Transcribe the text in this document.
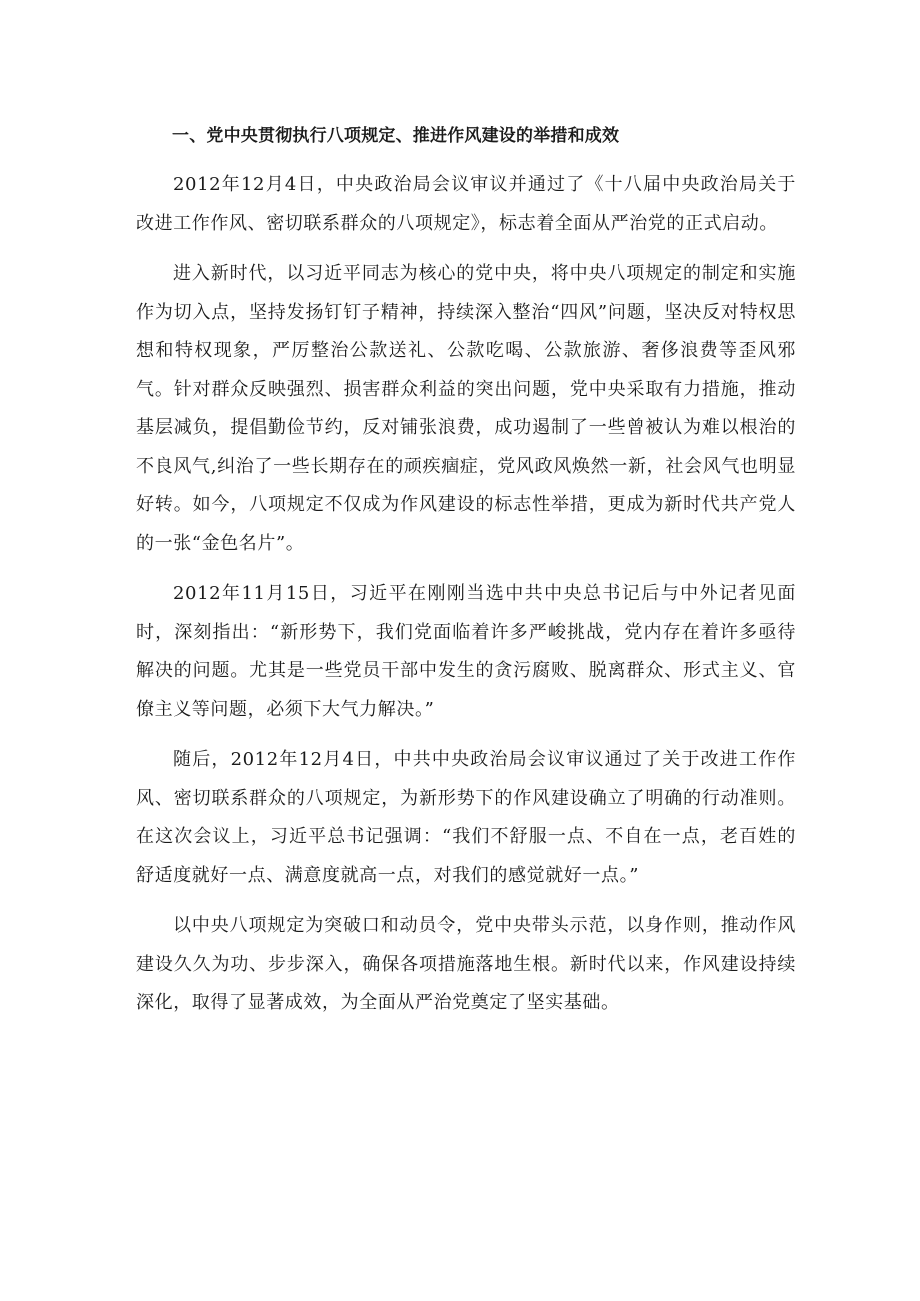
一、党中央贯彻执行八项规定、推进作风建设的举措和成效

2012年12月4日，中央政治局会议审议并通过了《十八届中央政治局关于改进工作作风、密切联系群众的八项规定》，标志着全面从严治党的正式启动。

进入新时代，以习近平同志为核心的党中央，将中央八项规定的制定和实施作为切入点，坚持发扬钉钉子精神，持续深入整治“四风”问题，坚决反对特权思想和特权现象，严厉整治公款送礼、公款吃喝、公款旅游、奢侈浪费等歪风邪气。针对群众反映强烈、损害群众利益的突出问题，党中央采取有力措施，推动基层减负，提倡勤俭节约，反对铺张浪费，成功遏制了一些曾被认为难以根治的不良风气,纠治了一些长期存在的顽疾痼症，党风政风焕然一新，社会风气也明显好转。如今，八项规定不仅成为作风建设的标志性举措，更成为新时代共产党人的一张“金色名片”。

2012年11月15日，习近平在刚刚当选中共中央总书记后与中外记者见面时，深刻指出：“新形势下，我们党面临着许多严峻挑战，党内存在着许多亟待解决的问题。尤其是一些党员干部中发生的贪污腐败、脱离群众、形式主义、官僚主义等问题，必须下大气力解决。”

随后，2012年12月4日，中共中央政治局会议审议通过了关于改进工作作风、密切联系群众的八项规定，为新形势下的作风建设确立了明确的行动准则。在这次会议上，习近平总书记强调：“我们不舒服一点、不自在一点，老百姓的舒适度就好一点、满意度就高一点，对我们的感觉就好一点。”

以中央八项规定为突破口和动员令，党中央带头示范，以身作则，推动作风建设久久为功、步步深入，确保各项措施落地生根。新时代以来，作风建设持续深化，取得了显著成效，为全面从严治党奠定了坚实基础。
